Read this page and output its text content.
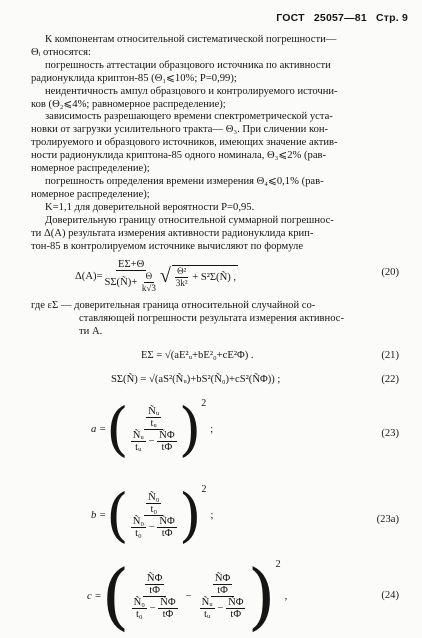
ГОСТ 25057—81 Стр. 9
К компонентам относительной систематической погрешности—
Θᵢ относятся:
погрешность аттестации образцового источника по активности
радионуклида криптон-85 (Θ₁⩽10%; P=0,99);
неидентичность ампул образцового и контролируемого источни-
ков (Θ₂⩽4%; равномерное распределение);
зависимость разрешающего времени спектрометрической уста-
новки от загрузки усилительного тракта— Θ₃. При сличении кон-
тролируемого и образцового источников, имеющих значение актив-
ности радионуклида криптона-85 одного номинала, Θ₃⩽2% (рав-
номерное распределение);
погрешность определения времени измерения Θ₄⩽0,1% (рав-
номерное распределение);
K=1,1 для доверительной вероятности P=0,95.
Доверительную границу относительной суммарной погрешнос-
ти Δ(A) результата измерения активности радионуклида крип-
тон-85 в контролируемом источнике вычисляют по формуле
$\Delta(A)= \frac{E\Sigma+\Theta}{S\Sigma(Ñ)+ \frac{\Theta}{k√3}}$ √ $\frac{\text{Θ²}}{\text{3k²}}$ + S²Σ(Ñ) ,	(20)
где εΣ — доверительная граница относительной случайной со-
ставляющей погрешности результата измерения активнос-
ти A.
EΣ = √(aE²ᵤ+bE²₀+cE²Φ) .	(21)
SΣ(Ñ) = √(aS²(Ñᵤ)+bS²(Ñ₀)+cS²(ÑΦ)) ;	(22)
a = ( $\frac{\text{Ñᵤ}}{\text{tᵤ}}$
$\frac{\text{Ñᵤ}}{\text{tᵤ}} - \frac{Ñ\Phi}{t\Phi}$ ) 2
;	(23)
b = ( $\frac{\text{Ñ₀}}{\text{t₀}}$
$\frac{\text{Ñ₀}}{\text{t₀}} - \frac{Ñ\Phi}{t\Phi}$ ) 2
;	(23a)
c = ( $\frac{Ñ\Phi}{t\Phi}$
$\frac{\text{Ñ₀}}{\text{t₀}} - \frac{Ñ\Phi}{t\Phi}$
−
$\frac{Ñ\Phi}{t\Phi}$
$\frac{\text{Ñᵤ}}{\text{tᵤ}} - \frac{Ñ\Phi}{t\Phi}$ ) 2
,	(24)
